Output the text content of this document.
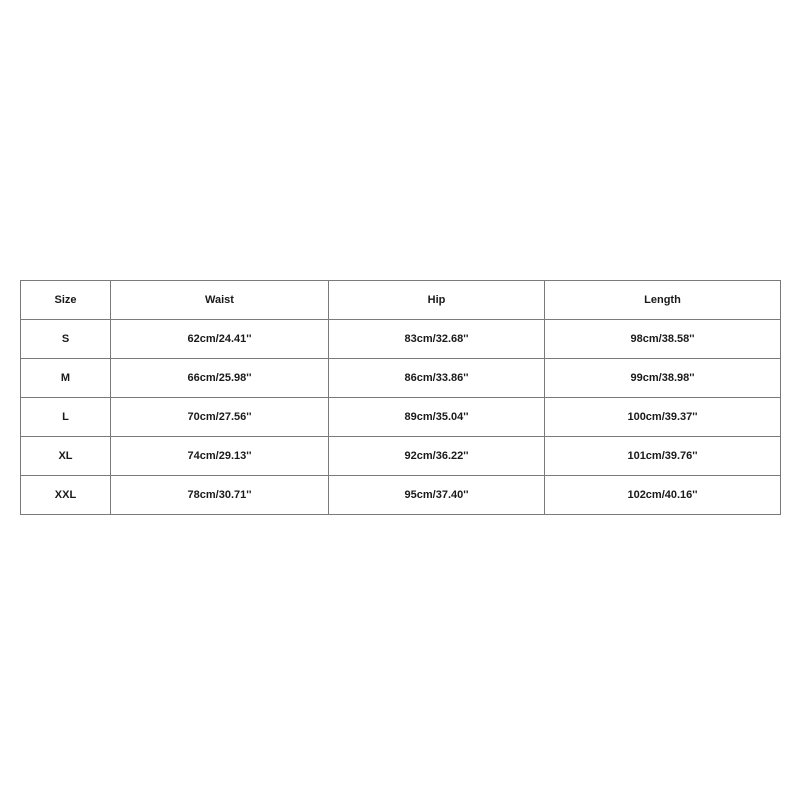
Size	Waist	Hip	Length
S	62cm/24.41''	83cm/32.68''	98cm/38.58''
M	66cm/25.98''	86cm/33.86''	99cm/38.98''
L	70cm/27.56''	89cm/35.04''	100cm/39.37''
XL	74cm/29.13''	92cm/36.22''	101cm/39.76''
XXL	78cm/30.71''	95cm/37.40''	102cm/40.16''
